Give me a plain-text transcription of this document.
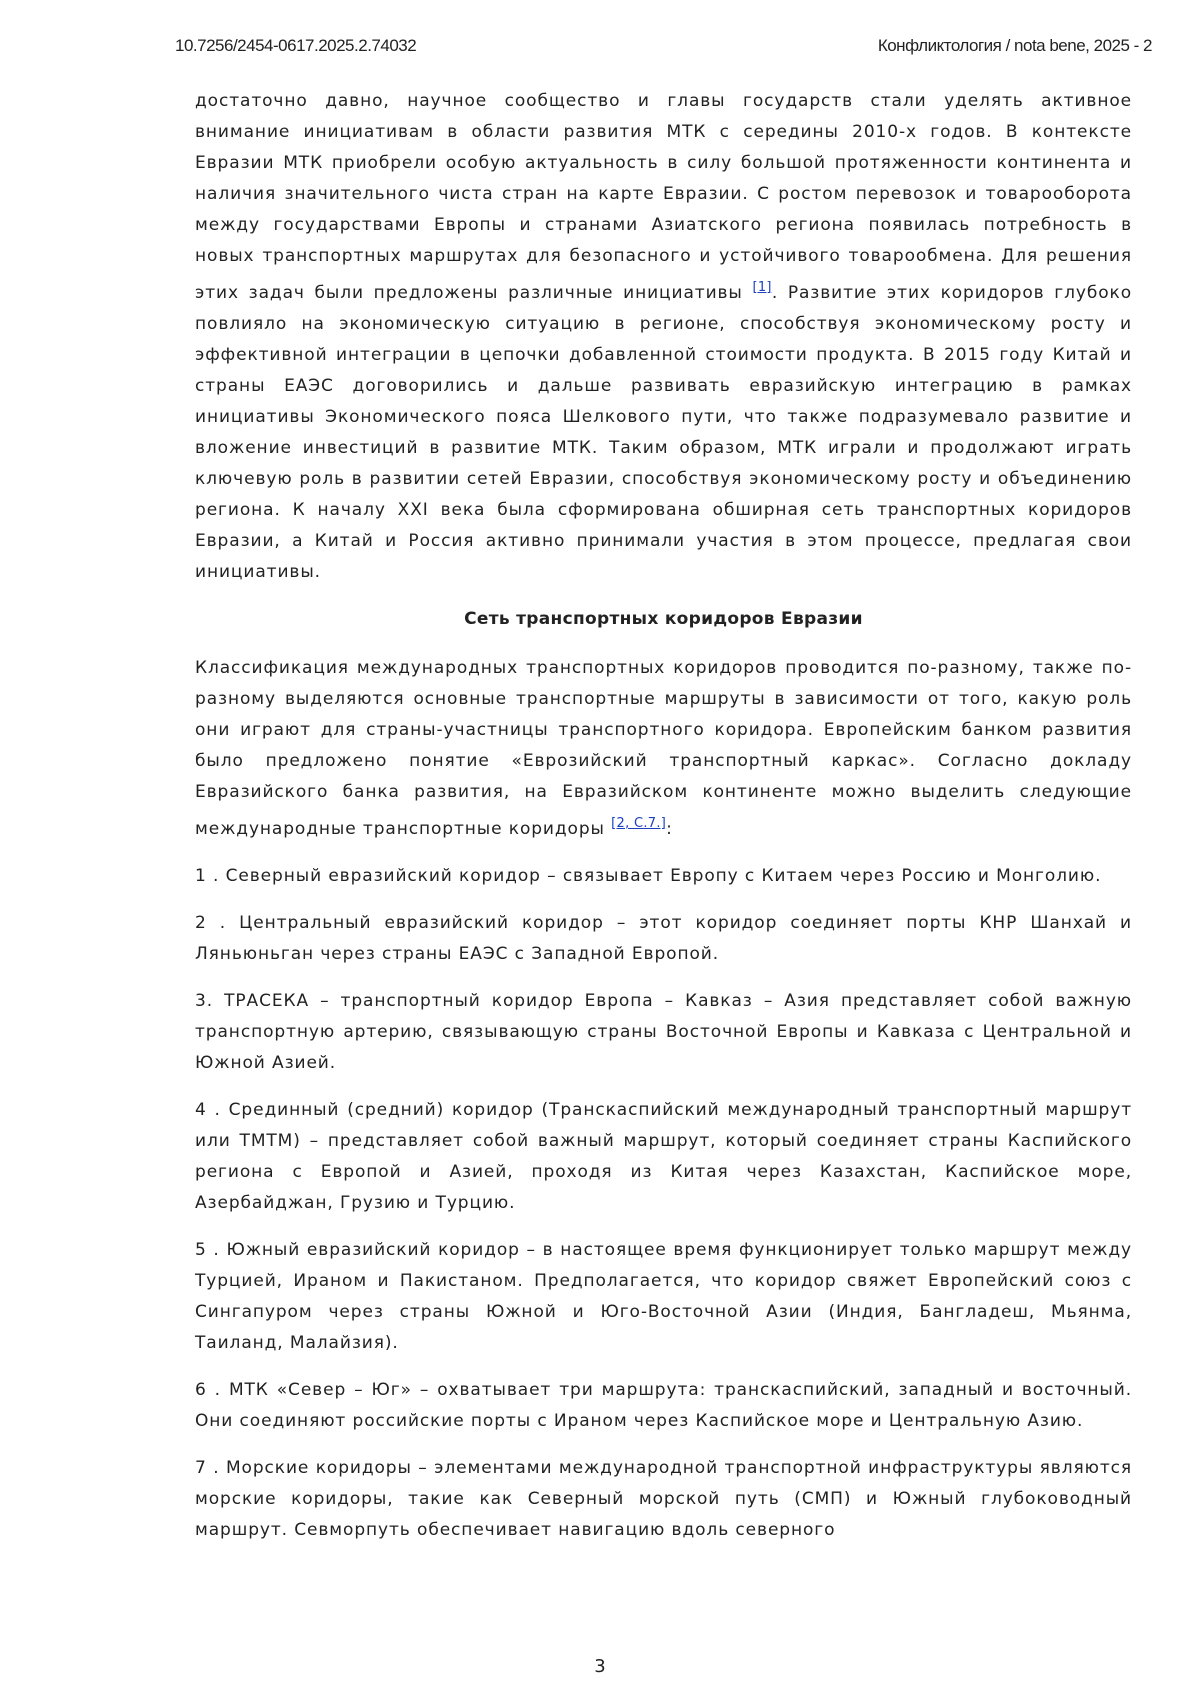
10.7256/2454-0617.2025.2.74032	Конфликтология / nota bene, 2025 - 2

достаточно давно, научное сообщество и главы государств стали уделять активное внимание инициативам в области развития МТК с середины 2010-х годов. В контексте Евразии МТК приобрели особую актуальность в силу большой протяженности континента и наличия значительного чиста стран на карте Евразии. С ростом перевозок и товарооборота между государствами Европы и странами Азиатского региона появилась потребность в новых транспортных маршрутах для безопасного и устойчивого товарообмена. Для решения этих задач были предложены различные инициативы [1]. Развитие этих коридоров глубоко повлияло на экономическую ситуацию в регионе, способствуя экономическому росту и эффективной интеграции в цепочки добавленной стоимости продукта. В 2015 году Китай и страны ЕАЭС договорились и дальше развивать евразийскую интеграцию в рамках инициативы Экономического пояса Шелкового пути, что также подразумевало развитие и вложение инвестиций в развитие МТК. Таким образом, МТК играли и продолжают играть ключевую роль в развитии сетей Евразии, способствуя экономическому росту и объединению региона. К началу XXI века была сформирована обширная сеть транспортных коридоров Евразии, а Китай и Россия активно принимали участия в этом процессе, предлагая свои инициативы.

Сеть транспортных коридоров Евразии

Классификация международных транспортных коридоров проводится по-разному, также по-разному выделяются основные транспортные маршруты в зависимости от того, какую роль они играют для страны-участницы транспортного коридора. Европейским банком развития было предложено понятие «Еврозийский транспортный каркас». Согласно докладу Евразийского банка развития, на Евразийском континенте можно выделить следующие международные транспортные коридоры [2, С.7.]:

1 . Северный евразийский коридор – связывает Европу с Китаем через Россию и Монголию.

2 . Центральный евразийский коридор – этот коридор соединяет порты КНР Шанхай и Ляньюньган через страны ЕАЭС с Западной Европой.

3. ТРАСЕКА – транспортный коридор Европа – Кавказ – Азия представляет собой важную транспортную артерию, связывающую страны Восточной Европы и Кавказа с Центральной и Южной Азией.

4 . Срединный (средний) коридор (Транскаспийский международный транспортный маршрут или ТМТМ) – представляет собой важный маршрут, который соединяет страны Каспийского региона с Европой и Азией, проходя из Китая через Казахстан, Каспийское море, Азербайджан, Грузию и Турцию.

5 . Южный евразийский коридор – в настоящее время функционирует только маршрут между Турцией, Ираном и Пакистаном. Предполагается, что коридор свяжет Европейский союз с Сингапуром через страны Южной и Юго-Восточной Азии (Индия, Бангладеш, Мьянма, Таиланд, Малайзия).

6 . МТК «Север – Юг» – охватывает три маршрута: транскаспийский, западный и восточный. Они соединяют российские порты с Ираном через Каспийское море и Центральную Азию.

7 . Морские коридоры – элементами международной транспортной инфраструктуры являются морские коридоры, такие как Северный морской путь (СМП) и Южный глубоководный маршрут. Севморпуть обеспечивает навигацию вдоль северного

3
